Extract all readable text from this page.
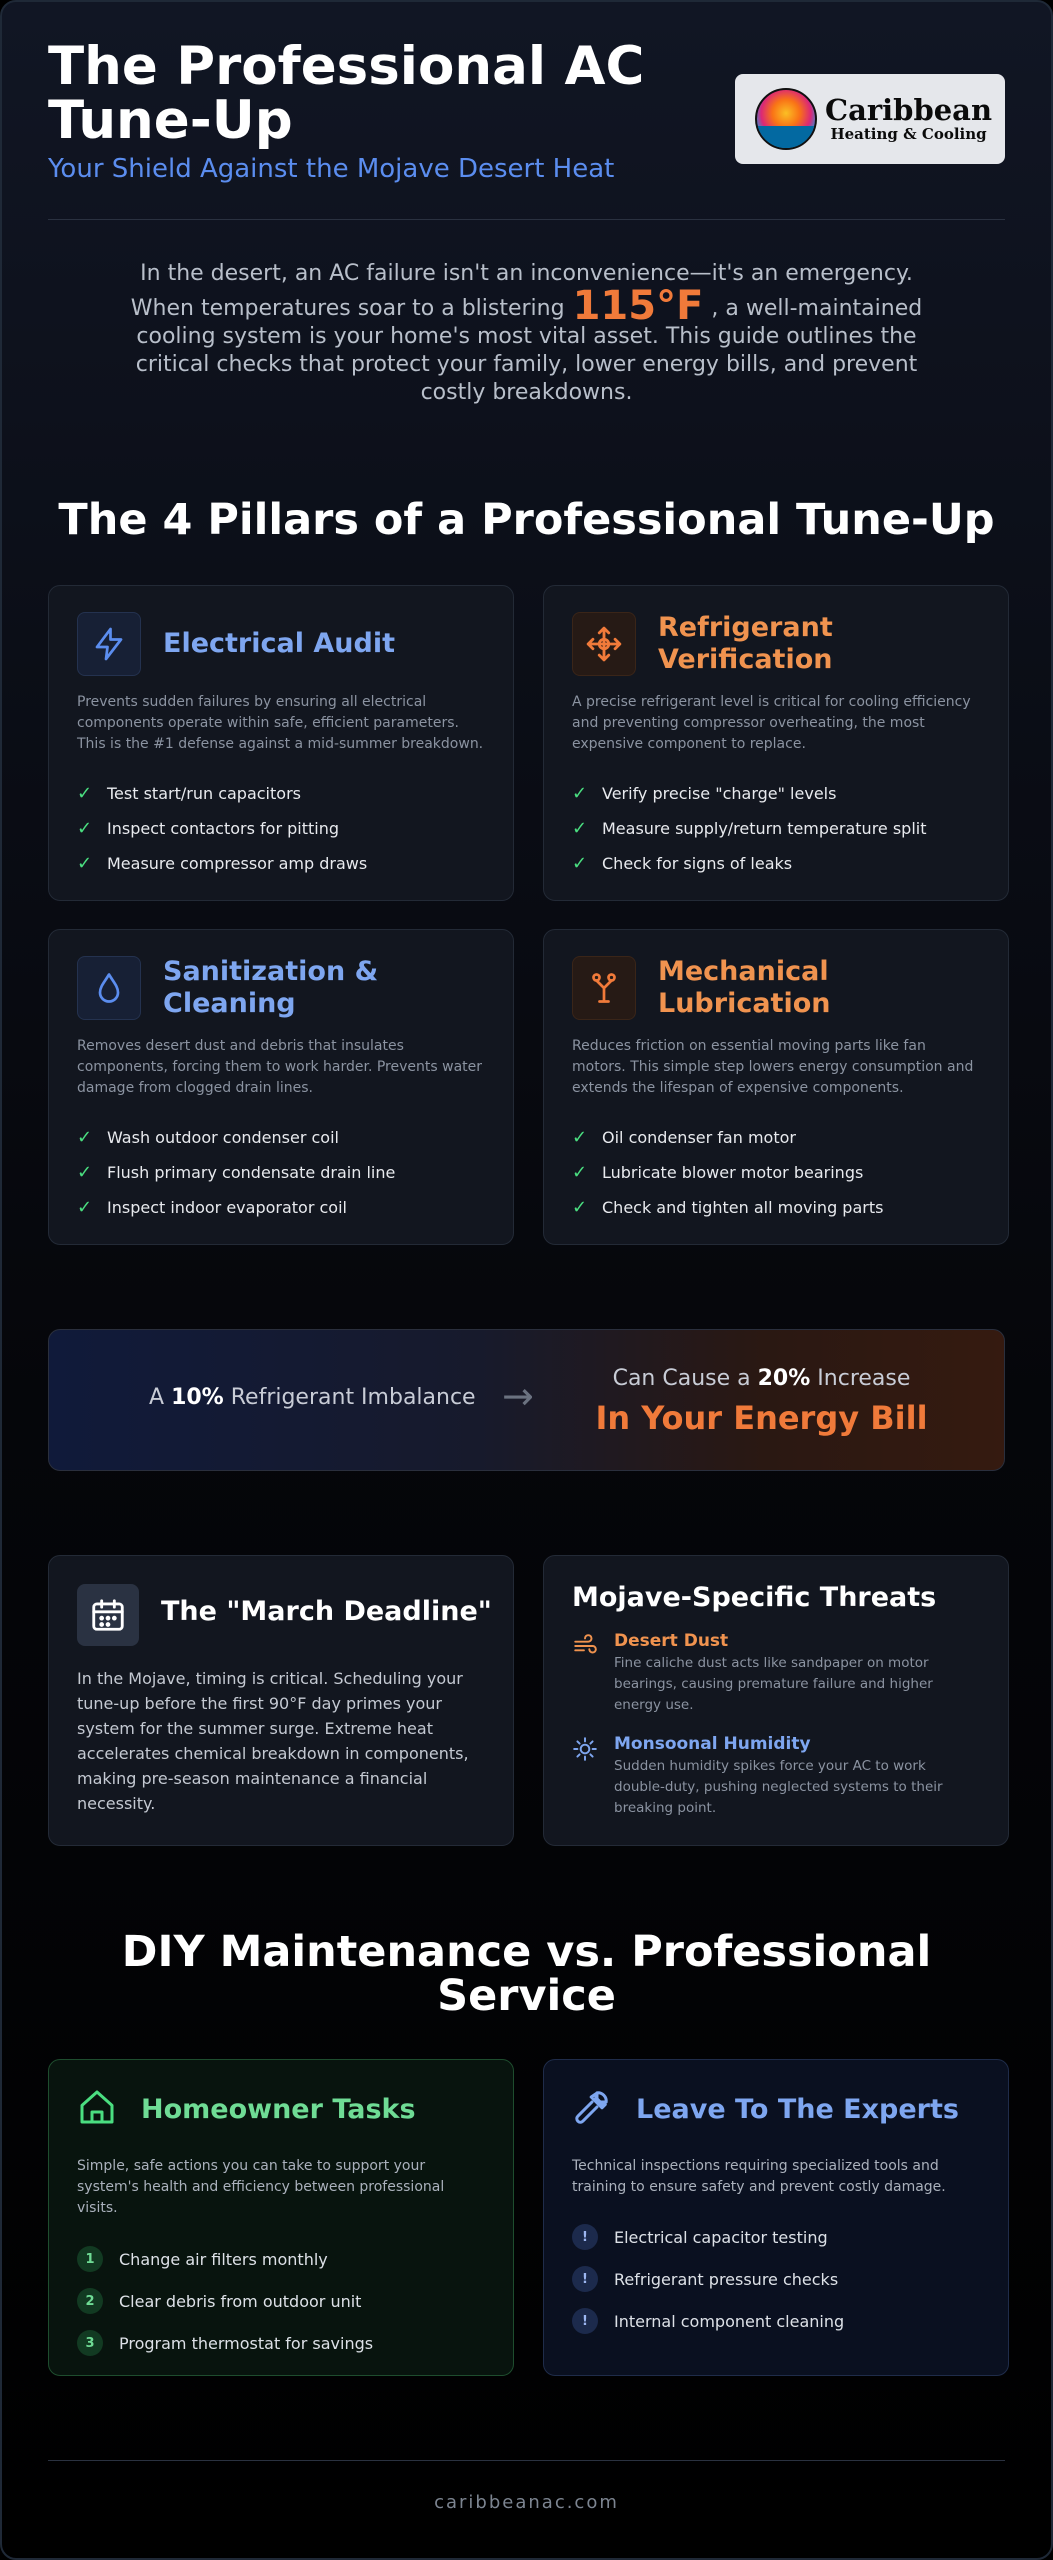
The Professional AC Tune-Up
Your Shield Against the Mojave Desert Heat
Caribbean
Heating & Cooling
In the desert, an AC failure isn't an inconvenience—it's an emergency.
When temperatures soar to a blistering 115°F , a well-maintained cooling system is your home's most vital asset. This guide outlines the critical checks that protect your family, lower energy bills, and prevent costly breakdowns.
The 4 Pillars of a Professional Tune-Up
Electrical Audit
Prevents sudden failures by ensuring all electrical components operate within safe, efficient parameters. This is the #1 defense against a mid-summer breakdown.
✓ Test start/run capacitors
✓ Inspect contactors for pitting
✓ Measure compressor amp draws
Refrigerant Verification
A precise refrigerant level is critical for cooling efficiency and preventing compressor overheating, the most expensive component to replace.
✓ Verify precise "charge" levels
✓ Measure supply/return temperature split
✓ Check for signs of leaks
Sanitization & Cleaning
Removes desert dust and debris that insulates components, forcing them to work harder. Prevents water damage from clogged drain lines.
✓ Wash outdoor condenser coil
✓ Flush primary condensate drain line
✓ Inspect indoor evaporator coil
Mechanical Lubrication
Reduces friction on essential moving parts like fan motors. This simple step lowers energy consumption and extends the lifespan of expensive components.
✓ Oil condenser fan motor
✓ Lubricate blower motor bearings
✓ Check and tighten all moving parts
A 10% Refrigerant Imbalance →	Can Cause a 20% Increase
In Your Energy Bill
The "March Deadline"
In the Mojave, timing is critical. Scheduling your tune-up before the first 90°F day primes your system for the summer surge. Extreme heat accelerates chemical breakdown in components, making pre-season maintenance a financial necessity.
Mojave-Specific Threats
Desert Dust
Fine caliche dust acts like sandpaper on motor bearings, causing premature failure and higher energy use.
Monsoonal Humidity
Sudden humidity spikes force your AC to work double-duty, pushing neglected systems to their breaking point.
DIY Maintenance vs. Professional Service
Homeowner Tasks
Simple, safe actions you can take to support your system's health and efficiency between professional visits.
1	Change air filters monthly
2	Clear debris from outdoor unit
3	Program thermostat for savings
Leave To The Experts
Technical inspections requiring specialized tools and training to ensure safety and prevent costly damage.
!	Electrical capacitor testing
!	Refrigerant pressure checks
!	Internal component cleaning
caribbeanac.com
